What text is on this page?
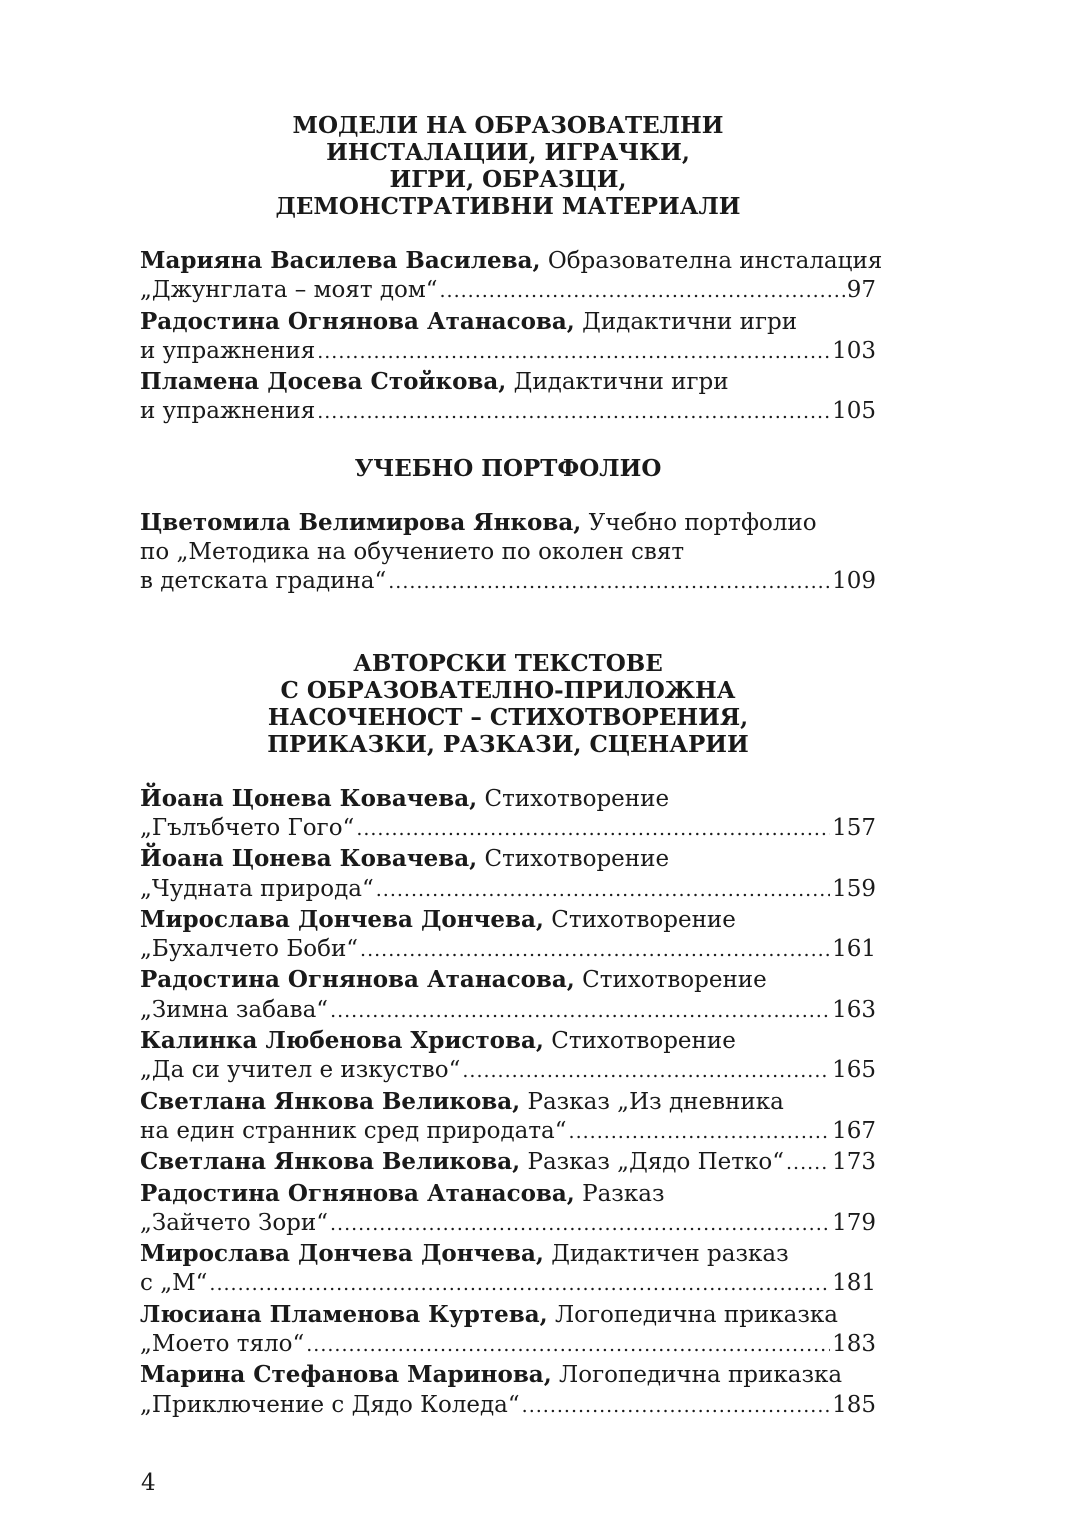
МОДЕЛИ НА ОБРАЗОВАТЕЛНИ
ИНСТАЛАЦИИ, ИГРАЧКИ,
ИГРИ, ОБРАЗЦИ,
ДЕМОНСТРАТИВНИ МАТЕРИАЛИ
Марияна Василева Василева, Образователна инсталация
„Джунглата – моят дом“ .....	97
Радостина Огнянова Атанасова, Дидактични игри
и упражнения .....	103
Пламена Досева Стойкова, Дидактични игри
и упражнения .....	105
УЧЕБНО ПОРТФОЛИО
Цветомила Велимирова Янкова, Учебно портфолио
по „Методика на обучението по околен свят
в детската градина“ .....	109
АВТОРСКИ ТЕКСТОВЕ
С ОБРАЗОВАТЕЛНО-ПРИЛОЖНА
НАСОЧЕНОСТ – СТИХОТВОРЕНИЯ,
ПРИКАЗКИ, РАЗКАЗИ, СЦЕНАРИИ
Йоана Цонева Ковачева, Стихотворение
„Гълъбчето Гого“ .....	157
Йоана Цонева Ковачева, Стихотворение
„Чудната природа“ .....	159
Мирослава Дончева Дончева, Стихотворение
„Бухалчето Боби“ .....	161
Радостина Огнянова Атанасова, Стихотворение
„Зимна забава“ .....	163
Калинка Любенова Христова, Стихотворение
„Да си учител е изкуство“ .....	165
Светлана Янкова Великова, Разказ „Из дневника
на един странник сред природата“ .....	167
Светлана Янкова Великова, Разказ „Дядо Петко“ ..... 173
Радостина Огнянова Атанасова, Разказ
„Зайчето Зори“ .....	179
Мирослава Дончева Дончева, Дидактичен разказ
с „М“ .....	181
Люсиана Пламенова Куртева, Логопедична приказка
„Моето тяло“ .....	183
Марина Стефанова Маринова, Логопедична приказка
„Приключение с Дядо Коледа“ .....	185
4
